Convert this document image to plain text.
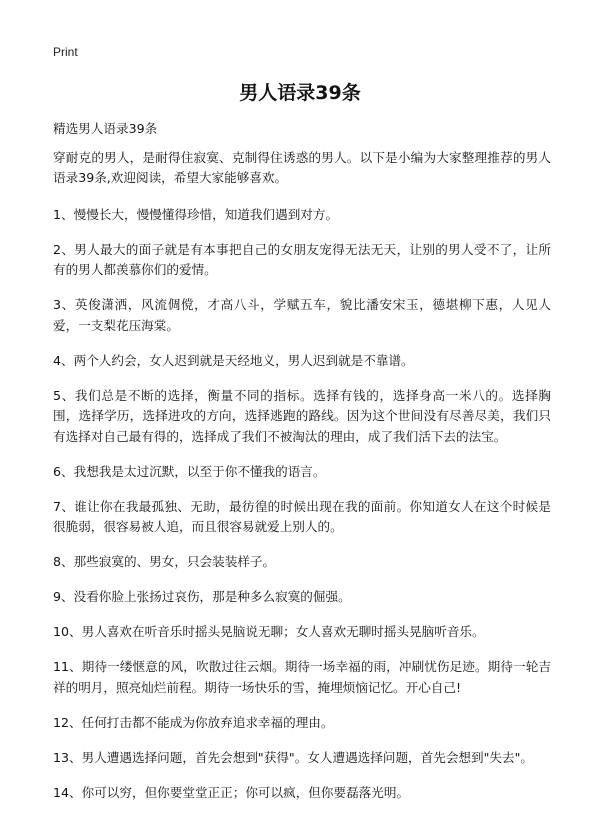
Print
男人语录39条

精选男人语录39条

穿耐克的男人，是耐得住寂寞、克制得住诱惑的男人。以下是小编为大家整理推荐的男人语录39条,欢迎阅读，希望大家能够喜欢。

1、慢慢长大，慢慢懂得珍惜，知道我们遇到对方。

2、男人最大的面子就是有本事把自己的女朋友宠得无法无天，让别的男人受不了，让所有的男人都羡慕你们的爱情。

3、英俊潇洒，风流倜傥，才高八斗，学赋五车，貌比潘安宋玉，德堪柳下惠，人见人爱，一支梨花压海棠。

4、两个人约会，女人迟到就是天经地义，男人迟到就是不靠谱。

5、我们总是不断的选择，衡量不同的指标。选择有钱的，选择身高一米八的。选择胸围，选择学历，选择进攻的方向，选择逃跑的路线。因为这个世间没有尽善尽美，我们只有选择对自己最有得的，选择成了我们不被淘汰的理由，成了我们活下去的法宝。

6、我想我是太过沉默，以至于你不懂我的语言。

7、谁让你在我最孤独、无助，最彷徨的时候出现在我的面前。你知道女人在这个时候是很脆弱，很容易被人追，而且很容易就爱上别人的。

8、那些寂寞的、男女，只会装装样子。

9、没看你脸上张扬过哀伤，那是种多么寂寞的倔强。

10、男人喜欢在听音乐时摇头晃脑说无聊；女人喜欢无聊时摇头晃脑听音乐。

11、期待一缕惬意的风，吹散过往云烟。期待一场幸福的雨，冲刷忧伤足迹。期待一轮吉祥的明月，照亮灿烂前程。期待一场快乐的雪，掩埋烦恼记忆。开心自己!

12、任何打击都不能成为你放弃追求幸福的理由。

13、男人遭遇选择问题，首先会想到"获得"。女人遭遇选择问题，首先会想到"失去"。

14、你可以穷，但你要堂堂正正；你可以疯，但你要磊落光明。
